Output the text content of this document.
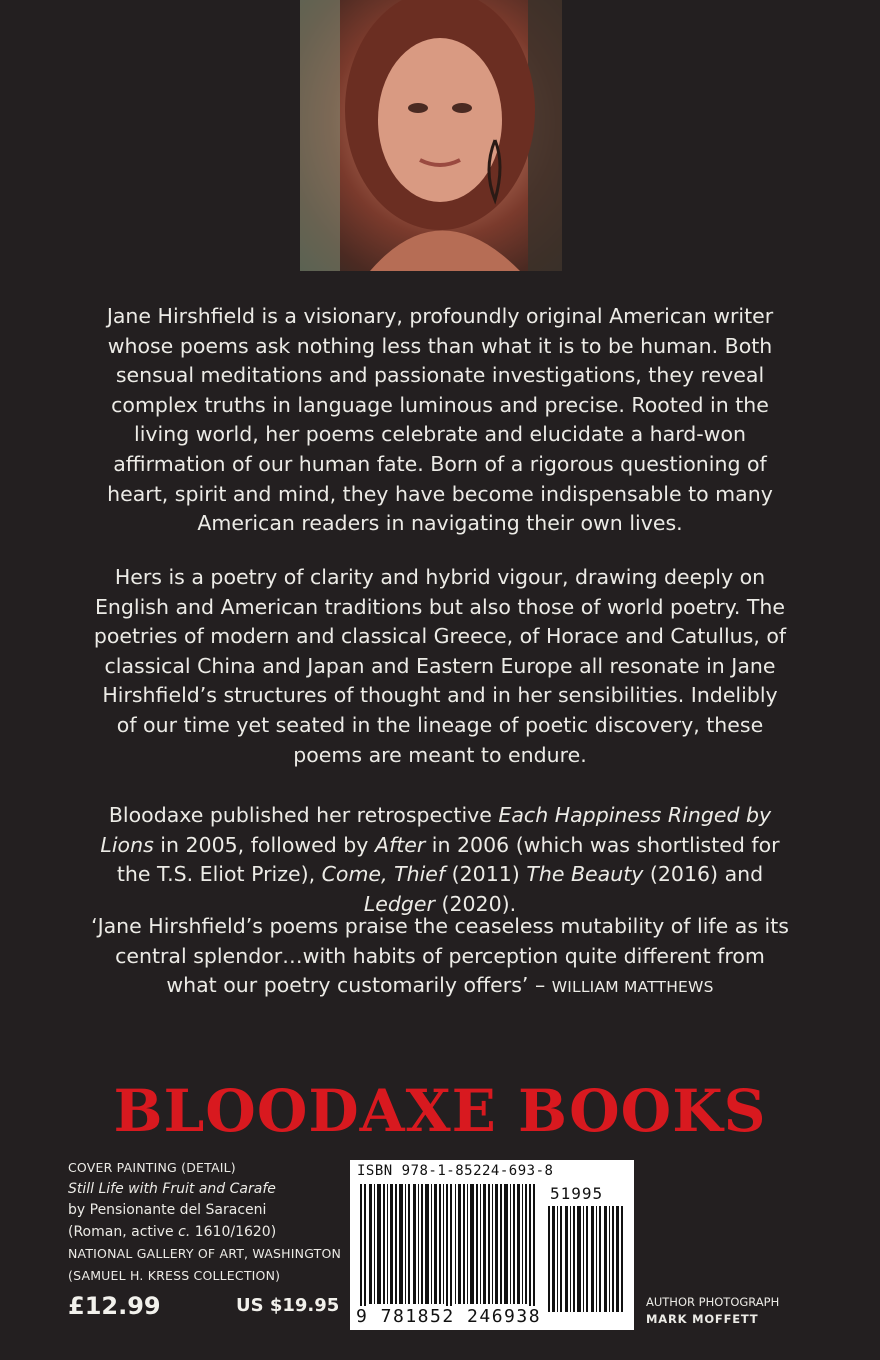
Jane Hirshfield is a visionary, profoundly original American writer whose poems ask nothing less than what it is to be human. Both sensual meditations and passionate investigations, they reveal complex truths in language luminous and precise. Rooted in the living world, her poems celebrate and elucidate a hard-won affirmation of our human fate. Born of a rigorous questioning of heart, spirit and mind, they have become indispensable to many American readers in navigating their own lives.

Hers is a poetry of clarity and hybrid vigour, drawing deeply on English and American traditions but also those of world poetry. The poetries of modern and classical Greece, of Horace and Catullus, of classical China and Japan and Eastern Europe all resonate in Jane Hirshfield’s structures of thought and in her sensibilities. Indelibly of our time yet seated in the lineage of poetic discovery, these poems are meant to endure.

Bloodaxe published her retrospective Each Happiness Ringed by Lions in 2005, followed by After in 2006 (which was shortlisted for the T.S. Eliot Prize), Come, Thief (2011) The Beauty (2016) and Ledger (2020).

‘Jane Hirshfield’s poems praise the ceaseless mutability of life as its central splendor…with habits of perception quite different from what our poetry customarily offers’ – WILLIAM MATTHEWS

BLOODAXE BOOKS
COVER PAINTING (DETAIL)
Still Life with Fruit and Carafe
by Pensionante del Saraceni
(Roman, active c. 1610/1620)
NATIONAL GALLERY OF ART, WASHINGTON
(SAMUEL H. KRESS COLLECTION)
£12.99	US $19.95
ISBN 978-1-85224-693-8
51995
9 781852 246938
AUTHOR PHOTOGRAPH
MARK MOFFETT
